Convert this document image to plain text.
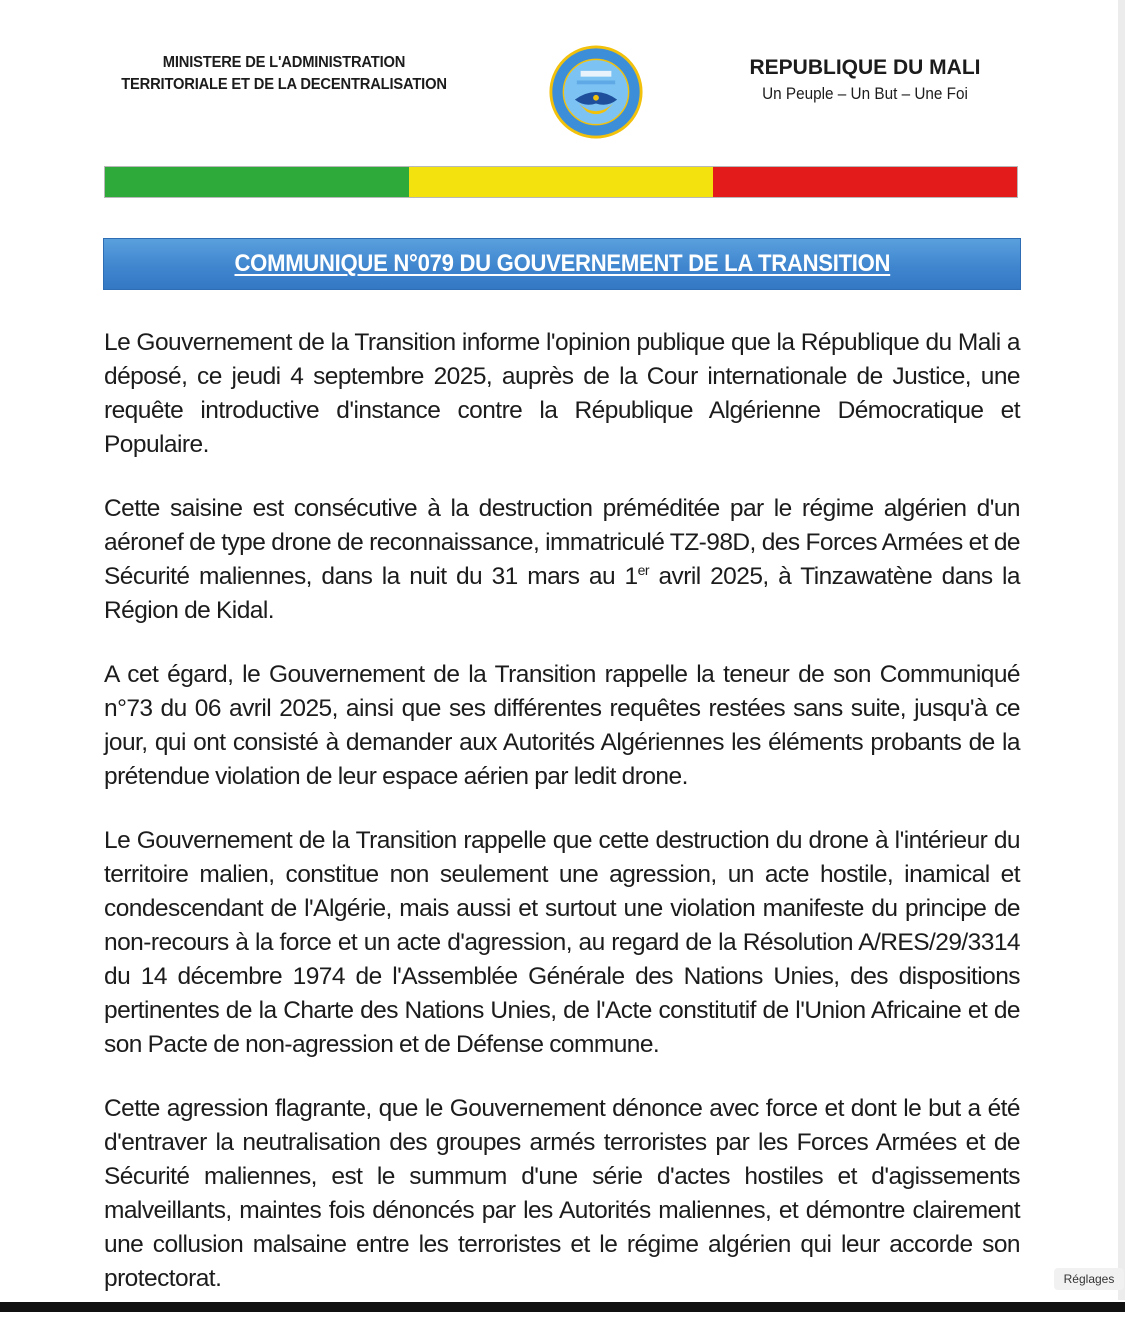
MINISTERE DE L'ADMINISTRATION
TERRITORIALE ET DE LA DECENTRALISATION
REPUBLIQUE DU MALI
Un Peuple – Un But – Une Foi
COMMUNIQUE N°079 DU GOUVERNEMENT DE LA TRANSITION

Le Gouvernement de la Transition informe l'opinion publique que la République du Mali a déposé, ce jeudi 4 septembre 2025, auprès de la Cour internationale de Justice, une requête introductive d'instance contre la République Algérienne Démocratique et Populaire.

Cette saisine est consécutive à la destruction préméditée par le régime algérien d'un aéronef de type drone de reconnaissance, immatriculé TZ-98D, des Forces Armées et de Sécurité maliennes, dans la nuit du 31 mars au 1er avril 2025, à Tinzawatène dans la Région de Kidal.

A cet égard, le Gouvernement de la Transition rappelle la teneur de son Communiqué n°73 du 06 avril 2025, ainsi que ses différentes requêtes restées sans suite, jusqu'à ce jour, qui ont consisté à demander aux Autorités Algériennes les éléments probants de la prétendue violation de leur espace aérien par ledit drone.

Le Gouvernement de la Transition rappelle que cette destruction du drone à l'intérieur du territoire malien, constitue non seulement une agression, un acte hostile, inamical et condescendant de l'Algérie, mais aussi et surtout une violation manifeste du principe de non-recours à la force et un acte d'agression, au regard de la Résolution A/RES/29/3314 du 14 décembre 1974 de l'Assemblée Générale des Nations Unies, des dispositions pertinentes de la Charte des Nations Unies, de l'Acte constitutif de l'Union Africaine et de son Pacte de non-agression et de Défense commune.

Cette agression flagrante, que le Gouvernement dénonce avec force et dont le but a été d'entraver la neutralisation des groupes armés terroristes par les Forces Armées et de Sécurité maliennes, est le summum d'une série d'actes hostiles et d'agissements malveillants, maintes fois dénoncés par les Autorités maliennes, et démontre clairement une collusion malsaine entre les terroristes et le régime algérien qui leur accorde son protectorat.	Réglages
